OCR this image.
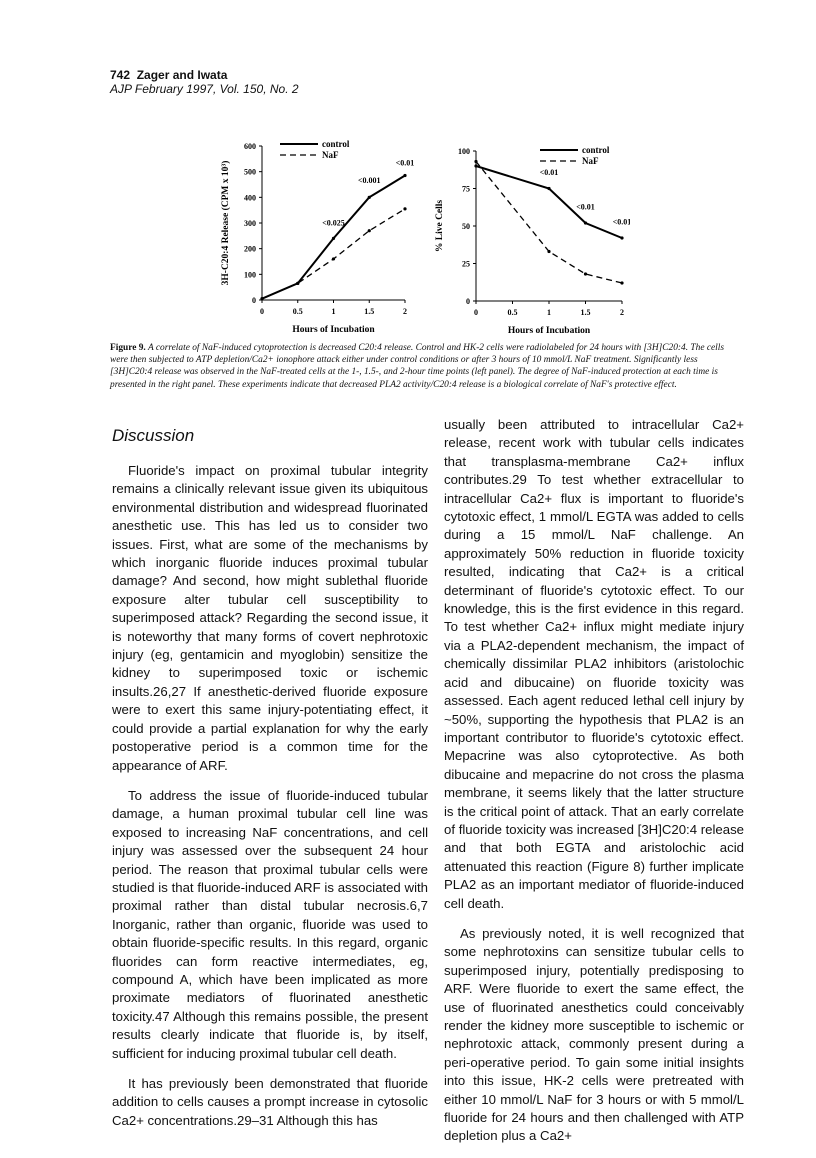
742 Zager and Iwata
AJP February 1997, Vol. 150, No. 2
0
100
200
300
400
500
600
0	0.5	1	1.5	2
Hours of Incubation
3H-C20:4 Release (CPM x 10³)	<0.025
<0.001
<0.01
control
NaF
0
25
50
75
100
0	0.5	1	1.5	2
Hours of Incubation
% Live Cells
<0.01
<0.01
<0.01
control
NaF
Figure 9. A correlate of NaF-induced cytoprotection is decreased C20:4 release. Control and HK-2 cells were radiolabeled for 24 hours with [3H]C20:4. The cells were then subjected to ATP depletion/Ca2+ ionophore attack either under control conditions or after 3 hours of 10 mmol/L NaF treatment. Significantly less [3H]C20:4 release was observed in the NaF-treated cells at the 1-, 1.5-, and 2-hour time points (left panel). The degree of NaF-induced protection at each time is presented in the right panel. These experiments indicate that decreased PLA2 activity/C20:4 release is a biological correlate of NaF's protective effect.
Discussion

Fluoride's impact on proximal tubular integrity remains a clinically relevant issue given its ubiquitous environmental distribution and widespread fluorinated anesthetic use. This has led us to consider two issues. First, what are some of the mechanisms by which inorganic fluoride induces proximal tubular damage? And second, how might sublethal fluoride exposure alter tubular cell susceptibility to superimposed attack? Regarding the second issue, it is noteworthy that many forms of covert nephrotoxic injury (eg, gentamicin and myoglobin) sensitize the kidney to superimposed toxic or ischemic insults.26,27 If anesthetic-derived fluoride exposure were to exert this same injury-potentiating effect, it could provide a partial explanation for why the early postoperative period is a common time for the appearance of ARF.

To address the issue of fluoride-induced tubular damage, a human proximal tubular cell line was exposed to increasing NaF concentrations, and cell injury was assessed over the subsequent 24 hour period. The reason that proximal tubular cells were studied is that fluoride-induced ARF is associated with proximal rather than distal tubular necrosis.6,7 Inorganic, rather than organic, fluoride was used to obtain fluoride-specific results. In this regard, organic fluorides can form reactive intermediates, eg, compound A, which have been implicated as more proximate mediators of fluorinated anesthetic toxicity.47 Although this remains possible, the present results clearly indicate that fluoride is, by itself, sufficient for inducing proximal tubular cell death.

It has previously been demonstrated that fluoride addition to cells causes a prompt increase in cytosolic Ca2+ concentrations.29–31 Although this has

usually been attributed to intracellular Ca2+ release, recent work with tubular cells indicates that transplasma-membrane Ca2+ influx contributes.29 To test whether extracellular to intracellular Ca2+ flux is important to fluoride's cytotoxic effect, 1 mmol/L EGTA was added to cells during a 15 mmol/L NaF challenge. An approximately 50% reduction in fluoride toxicity resulted, indicating that Ca2+ is a critical determinant of fluoride's cytotoxic effect. To our knowledge, this is the first evidence in this regard. To test whether Ca2+ influx might mediate injury via a PLA2-dependent mechanism, the impact of chemically dissimilar PLA2 inhibitors (aristolochic acid and dibucaine) on fluoride toxicity was assessed. Each agent reduced lethal cell injury by ~50%, supporting the hypothesis that PLA2 is an important contributor to fluoride's cytotoxic effect. Mepacrine was also cytoprotective. As both dibucaine and mepacrine do not cross the plasma membrane, it seems likely that the latter structure is the critical point of attack. That an early correlate of fluoride toxicity was increased [3H]C20:4 release and that both EGTA and aristolochic acid attenuated this reaction (Figure 8) further implicate PLA2 as an important mediator of fluoride-induced cell death.

As previously noted, it is well recognized that some nephrotoxins can sensitize tubular cells to superimposed injury, potentially predisposing to ARF. Were fluoride to exert the same effect, the use of fluorinated anesthetics could conceivably render the kidney more susceptible to ischemic or nephrotoxic attack, commonly present during a peri-operative period. To gain some initial insights into this issue, HK-2 cells were pretreated with either 10 mmol/L NaF for 3 hours or with 5 mmol/L fluoride for 24 hours and then challenged with ATP depletion plus a Ca2+
